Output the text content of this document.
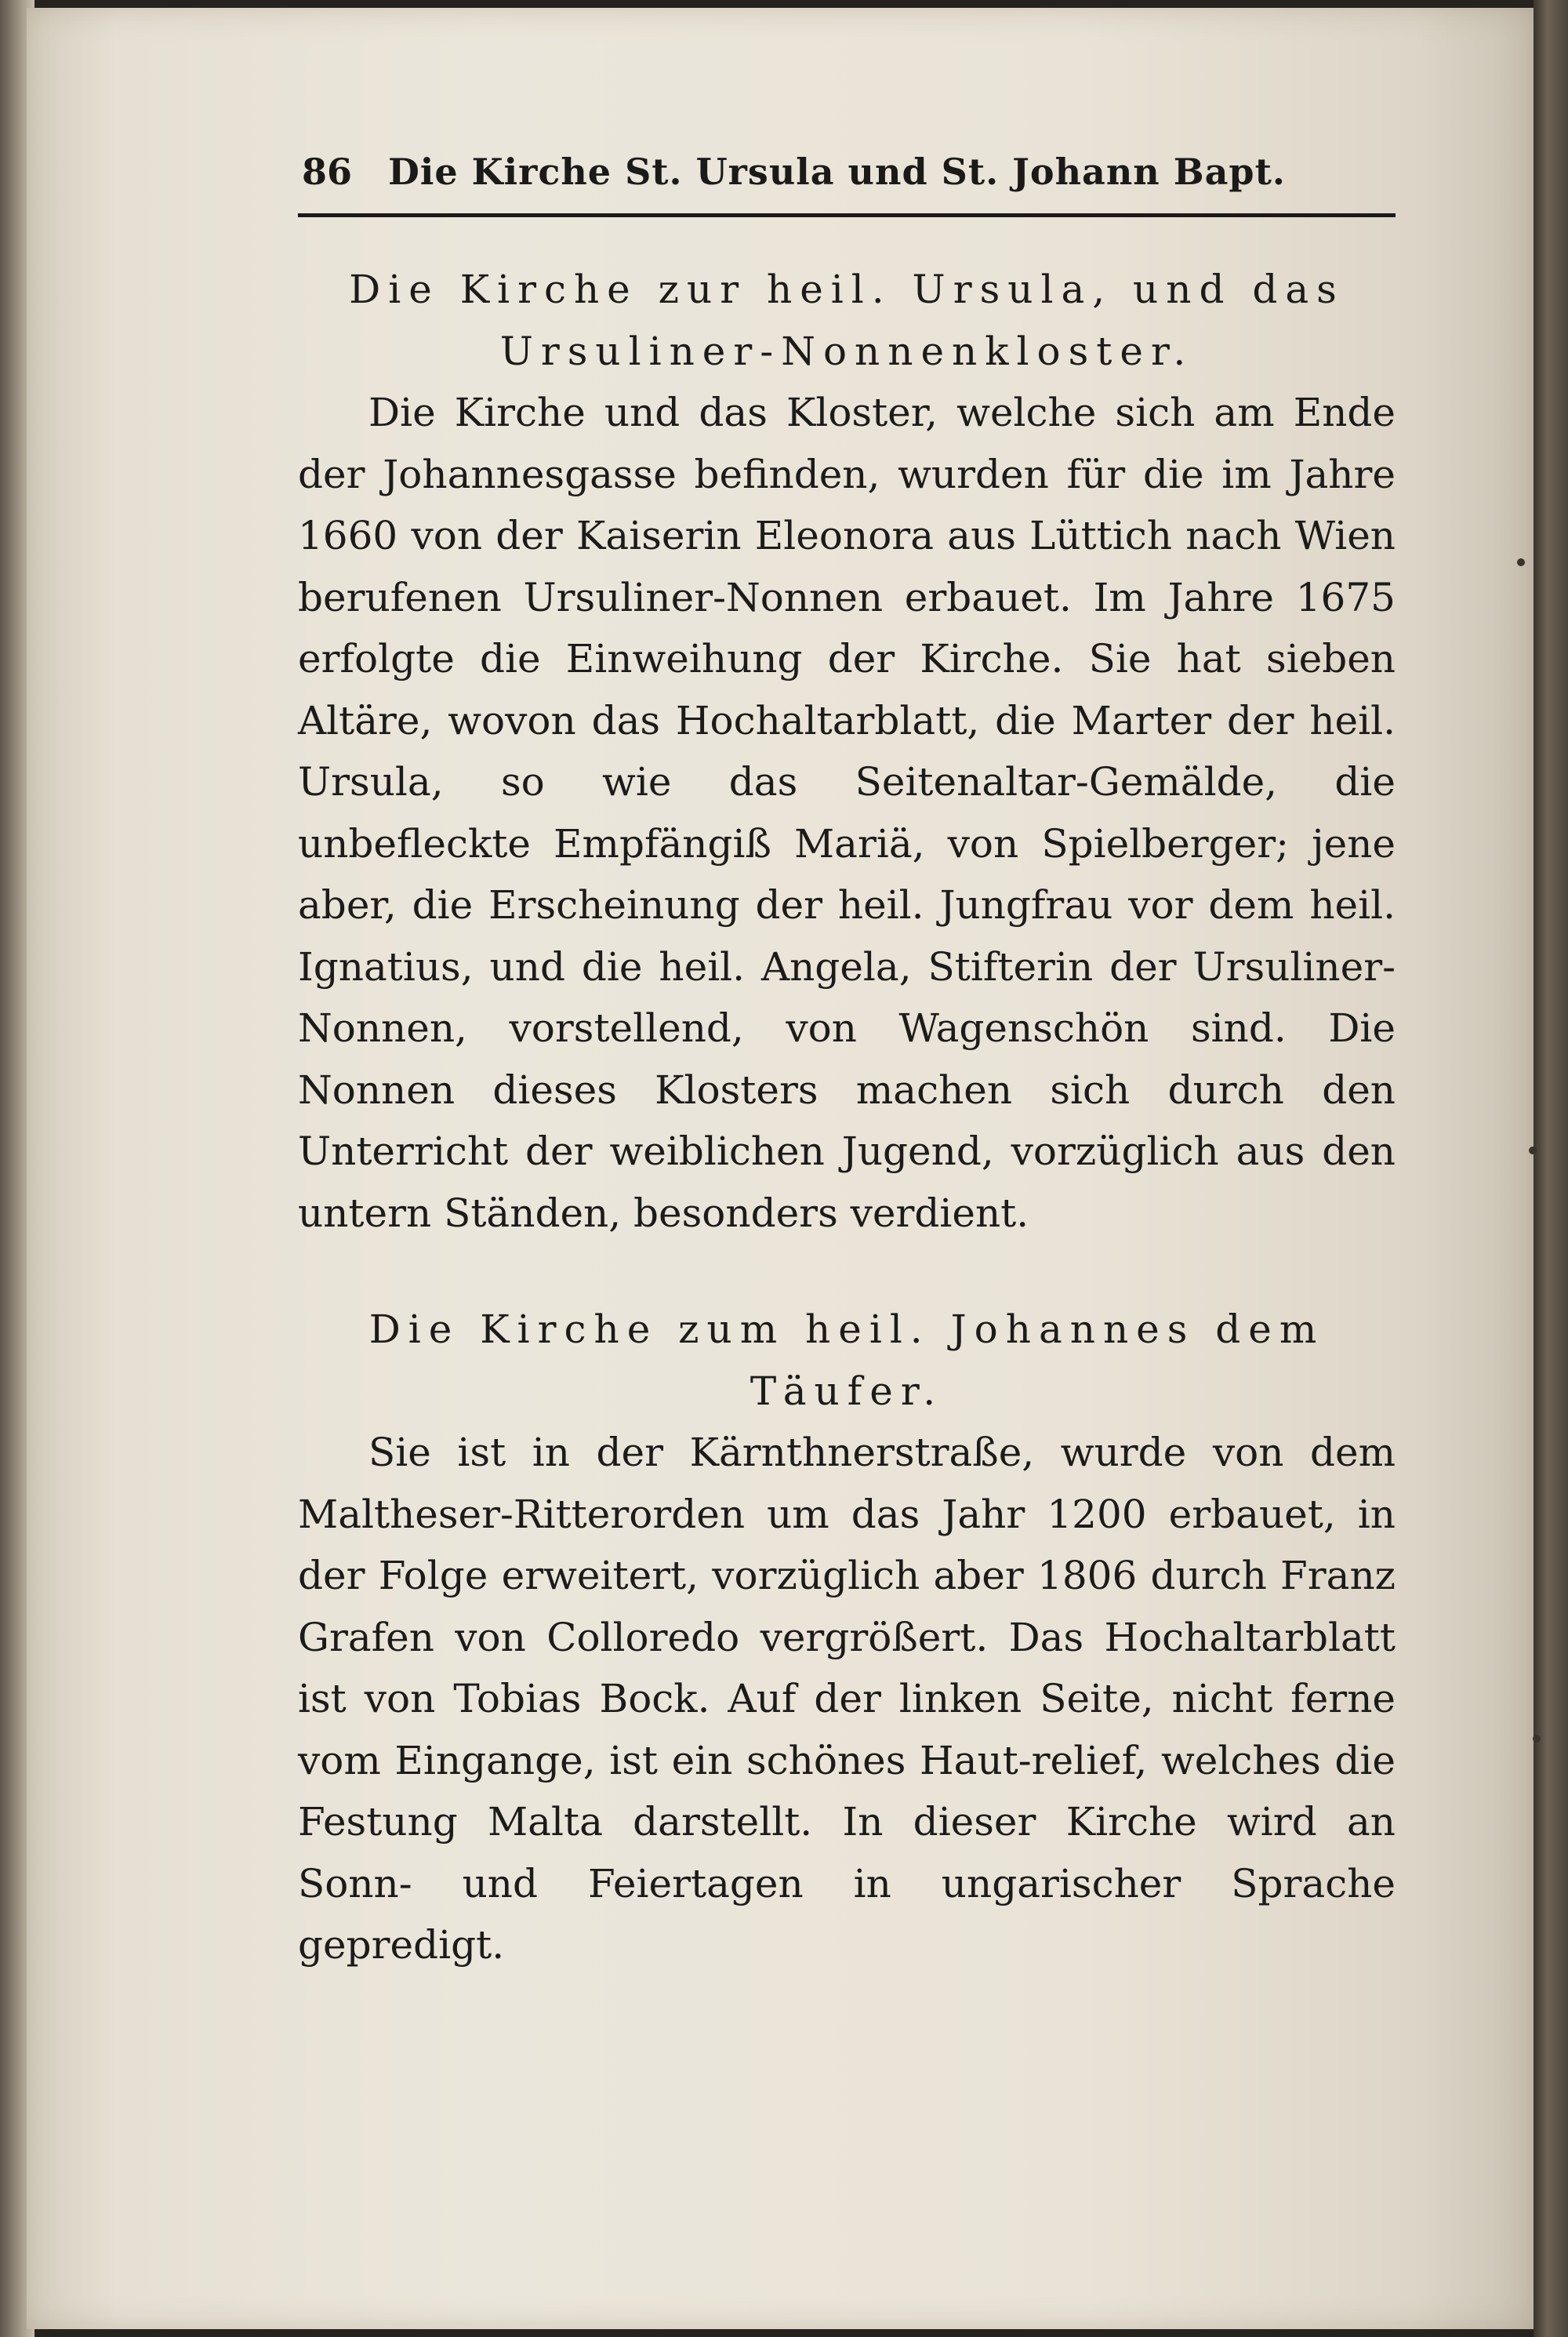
86 Die Kirche St. Ursula und St. Johann Bapt.
Die Kirche zur heil. Ursula, und das Ursuliner-Nonnenkloster.

Die Kirche und das Kloster, welche sich am Ende der Johannesgasse befinden, wurden für die im Jahre 1660 von der Kaiserin Eleonora aus Lüttich nach Wien berufenen Ursuliner-Nonnen erbauet. Im Jahre 1675 erfolgte die Einweihung der Kirche. Sie hat sieben Altäre, wovon das Hochaltarblatt, die Marter der heil. Ursula, so wie das Seitenaltar-Gemälde, die unbefleckte Empfängiß Mariä, von Spielberger; jene aber, die Erscheinung der heil. Jungfrau vor dem heil. Ignatius, und die heil. Angela, Stifterin der Ursuliner-Nonnen, vorstellend, von Wagenschön sind. Die Nonnen dieses Klosters machen sich durch den Unterricht der weiblichen Jugend, vorzüglich aus den untern Ständen, besonders verdient.

Die Kirche zum heil. Johannes dem Täufer.

Sie ist in der Kärnthnerstraße, wurde von dem Maltheser-Ritterorden um das Jahr 1200 erbauet, in der Folge erweitert, vorzüglich aber 1806 durch Franz Grafen von Colloredo vergrößert. Das Hochaltarblatt ist von Tobias Bock. Auf der linken Seite, nicht ferne vom Eingange, ist ein schönes Haut-relief, welches die Festung Malta darstellt. In dieser Kirche wird an Sonn- und Feiertagen in ungarischer Sprache gepredigt.
